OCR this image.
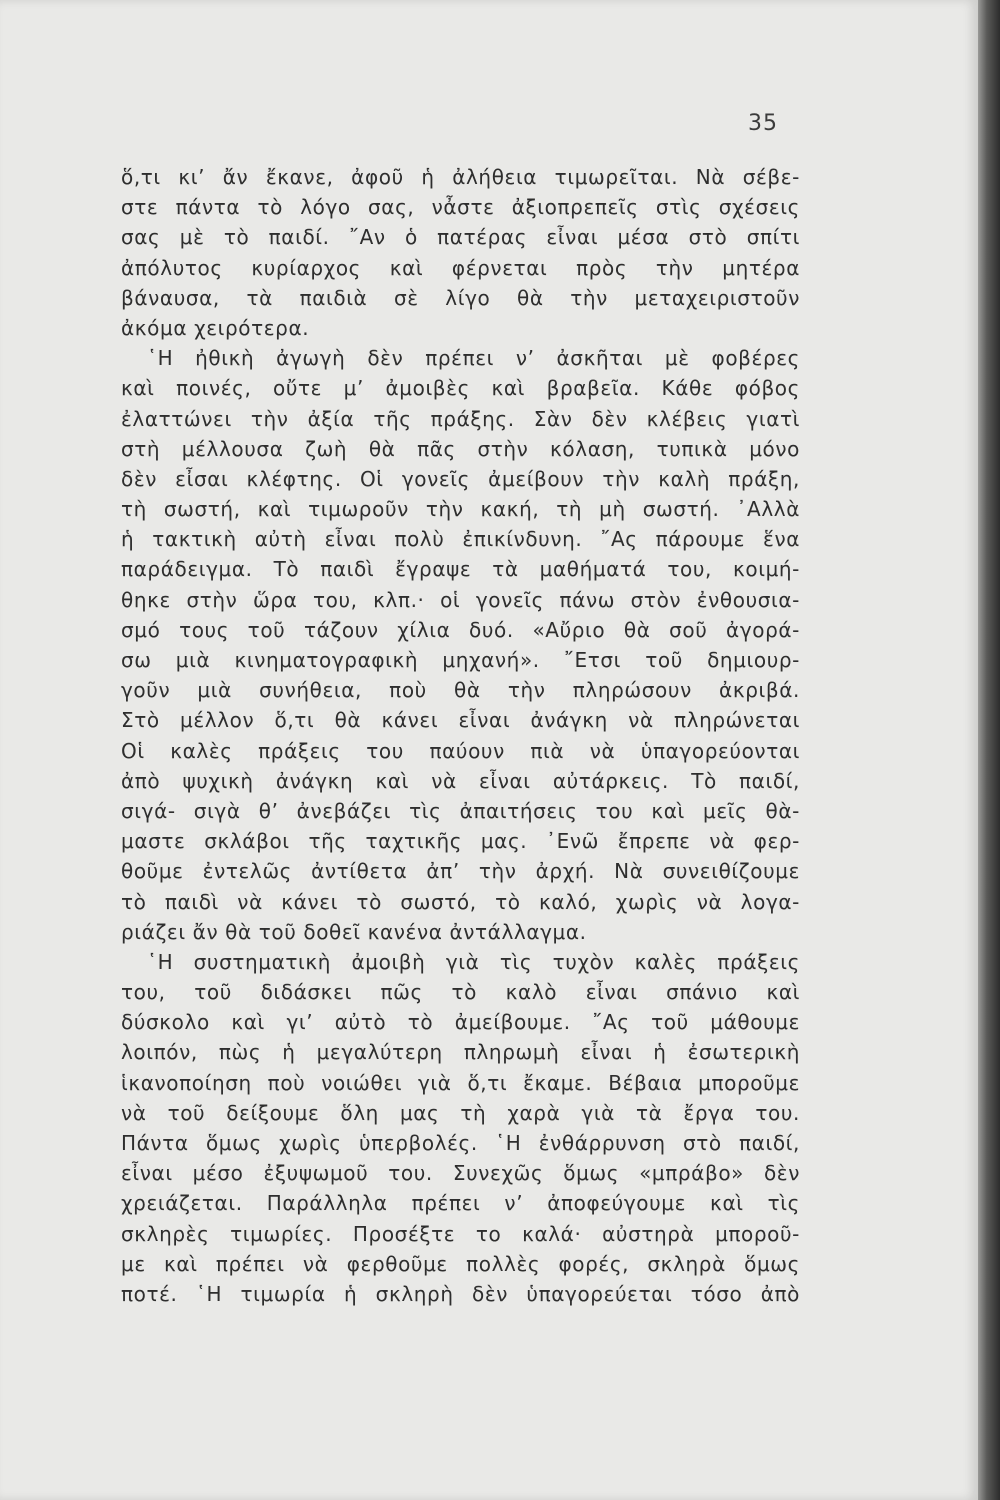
35
ὅ,τι κι’ ἄν ἔκανε, ἀφοῦ ἡ ἀλήθεια τιμωρεῖται. Νὰ σέβε-
στε πάντα τὸ λόγο σας, νἆστε ἀξιοπρεπεῖς στὶς σχέσεις
σας μὲ τὸ παιδί. ῎Αν ὁ πατέρας εἶναι μέσα στὸ σπίτι
ἀπόλυτος κυρίαρχος καὶ φέρνεται πρὸς τὴν μητέρα
βάναυσα, τὰ παιδιὰ σὲ λίγο θὰ τὴν μεταχειριστοῦν
ἀκόμα χειρότερα.
῾Η ἠθικὴ ἀγωγὴ δὲν πρέπει ν’ ἀσκῆται μὲ φοβέρες
καὶ ποινές, οὔτε μ’ ἀμοιβὲς καὶ βραβεῖα. Κάθε φόβος
ἐλαττώνει τὴν ἀξία τῆς πράξης. Σὰν δὲν κλέβεις γιατὶ
στὴ μέλλουσα ζωὴ θὰ πᾶς στὴν κόλαση, τυπικὰ μόνο
δὲν εἶσαι κλέφτης. Οἱ γονεῖς ἀμείβουν τὴν καλὴ πράξη,
τὴ σωστή, καὶ τιμωροῦν τὴν κακή, τὴ μὴ σωστή. ᾿Αλλὰ
ἡ τακτικὴ αὐτὴ εἶναι πολὺ ἐπικίνδυνη. ῎Ας πάρουμε ἕνα
παράδειγμα. Τὸ παιδὶ ἔγραψε τὰ μαθήματά του, κοιμή-
θηκε στὴν ὥρα του, κλπ.· οἱ γονεῖς πάνω στὸν ἐνθουσια-
σμό τους τοῦ τάζουν χίλια δυό. «Αὔριο θὰ σοῦ ἀγορά-
σω μιὰ κινηματογραφικὴ μηχανή». ῎Ετσι τοῦ δημιουρ-
γοῦν μιὰ συνήθεια, ποὺ θὰ τὴν πληρώσουν ἀκριβά.
Στὸ μέλλον ὅ,τι θὰ κάνει εἶναι ἀνάγκη νὰ πληρώνεται
Οἱ καλὲς πράξεις του παύουν πιὰ νὰ ὑπαγορεύονται
ἀπὸ ψυχικὴ ἀνάγκη καὶ νὰ εἶναι αὐτάρκεις. Τὸ παιδί,
σιγά- σιγὰ θ’ ἀνεβάζει τὶς ἀπαιτήσεις του καὶ μεῖς θὰ-
μαστε σκλάβοι τῆς ταχτικῆς μας. ᾿Ενῶ ἔπρεπε νὰ φερ-
θοῦμε ἐντελῶς ἀντίθετα ἀπ’ τὴν ἀρχή. Νὰ συνειθίζουμε
τὸ παιδὶ νὰ κάνει τὸ σωστό, τὸ καλό, χωρὶς νὰ λογα-
ριάζει ἄν θὰ τοῦ δοθεῖ κανένα ἀντάλλαγμα.
῾Η συστηματικὴ ἀμοιβὴ γιὰ τὶς τυχὸν καλὲς πράξεις
του, τοῦ διδάσκει πῶς τὸ καλὸ εἶναι σπάνιο καὶ
δύσκολο καὶ γι’ αὐτὸ τὸ ἀμείβουμε. ῎Ας τοῦ μάθουμε
λοιπόν, πὼς ἡ μεγαλύτερη πληρωμὴ εἶναι ἡ ἐσωτερικὴ
ἱκανοποίηση ποὺ νοιώθει γιὰ ὅ,τι ἔκαμε. Βέβαια μποροῦμε
νὰ τοῦ δείξουμε ὅλη μας τὴ χαρὰ γιὰ τὰ ἔργα του.
Πάντα ὅμως χωρὶς ὑπερβολές. ῾Η ἐνθάρρυνση στὸ παιδί,
εἶναι μέσο ἐξυψωμοῦ του. Συνεχῶς ὅμως «μπράβο» δὲν
χρειάζεται. Παράλληλα πρέπει ν’ ἀποφεύγουμε καὶ τὶς
σκληρὲς τιμωρίες. Προσέξτε το καλά· αὐστηρὰ μποροῦ-
με καὶ πρέπει νὰ φερθοῦμε πολλὲς φορές, σκληρὰ ὅμως
ποτέ. ῾Η τιμωρία ἡ σκληρὴ δὲν ὑπαγορεύεται τόσο ἀπὸ
